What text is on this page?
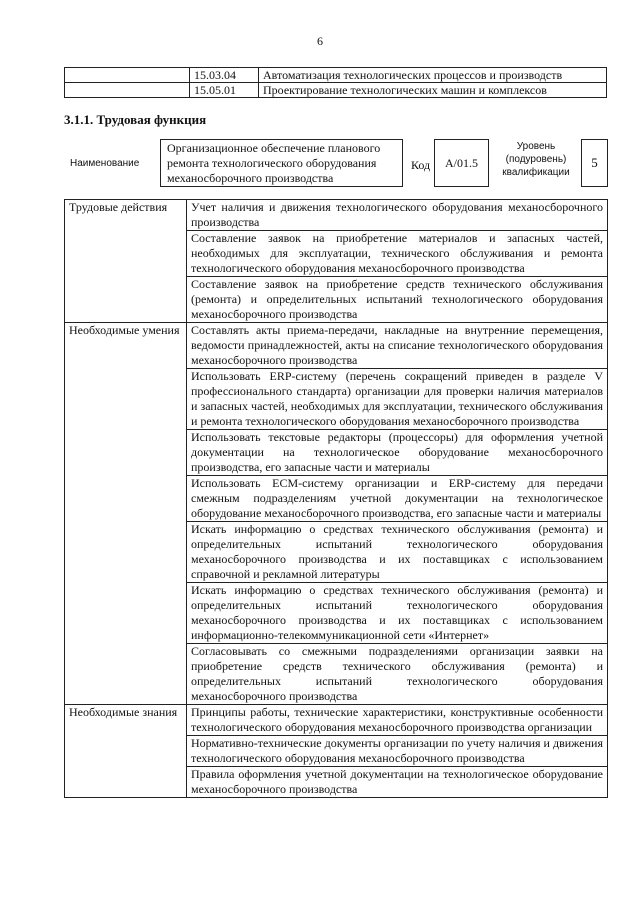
6
	15.03.04	Автоматизация технологических процессов и производств
	15.05.01	Проектирование технологических машин и комплексов
3.1.1. Трудовая функция
Наименование
Организационное обеспечение планового ремонта технологического оборудования механосборочного производства
Код	А/01.5
Уровень (подуровень) квалификации
5
Трудовые действия	Учет наличия и движения технологического оборудования механосборочного производства
	Составление заявок на приобретение материалов и запасных частей, необходимых для эксплуатации, технического обслуживания и ремонта технологического оборудования механосборочного производства
	Составление заявок на приобретение средств технического обслуживания (ремонта) и определительных испытаний технологического оборудования механосборочного производства
Необходимые умения	Составлять акты приема-передачи, накладные на внутренние перемещения, ведомости принадлежностей, акты на списание технологического оборудования механосборочного производства
	Использовать ERP-систему (перечень сокращений приведен в разделе V профессионального стандарта) организации для проверки наличия материалов и запасных частей, необходимых для эксплуатации, технического обслуживания и ремонта технологического оборудования механосборочного производства
	Использовать текстовые редакторы (процессоры) для оформления учетной документации на технологическое оборудование механосборочного производства, его запасные части и материалы
	Использовать ECM-систему организации и ERP-систему для передачи смежным подразделениям учетной документации на технологическое оборудование механосборочного производства, его запасные части и материалы
	Искать информацию о средствах технического обслуживания (ремонта) и определительных испытаний технологического оборудования механосборочного производства и их поставщиках с использованием справочной и рекламной литературы
	Искать информацию о средствах технического обслуживания (ремонта) и определительных испытаний технологического оборудования механосборочного производства и их поставщиках с использованием информационно-телекоммуникационной сети «Интернет»
	Согласовывать со смежными подразделениями организации заявки на приобретение средств технического обслуживания (ремонта) и определительных испытаний технологического оборудования механосборочного производства
Необходимые знания	Принципы работы, технические характеристики, конструктивные особенности технологического оборудования механосборочного производства организации
	Нормативно-технические документы организации по учету наличия и движения технологического оборудования механосборочного производства
	Правила оформления учетной документации на технологическое оборудование механосборочного производства
